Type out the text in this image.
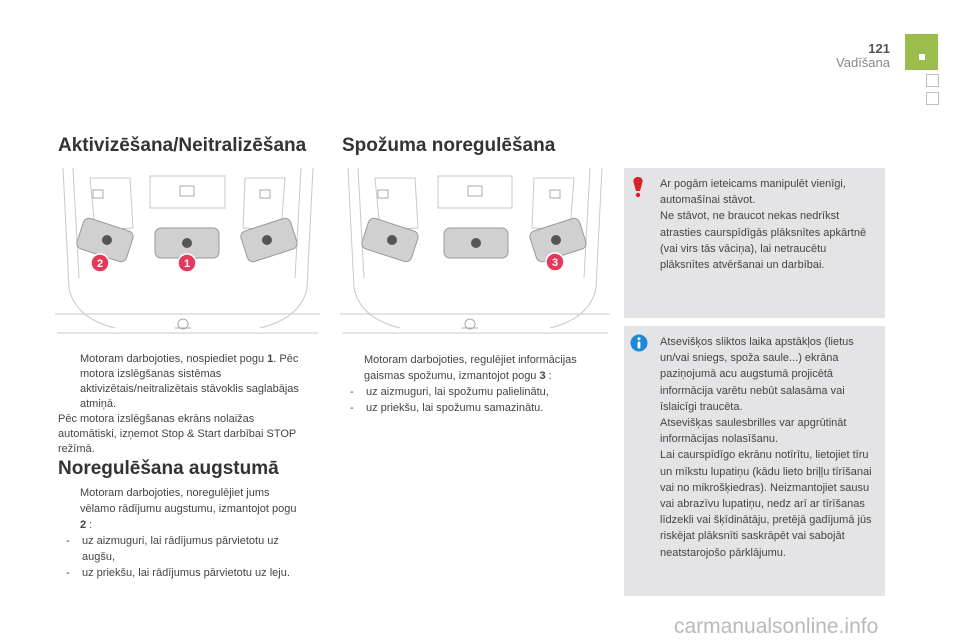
121
Vadīšana
Aktivizēšana/Neitralizēšana Spožuma noregulēšana
2	1	3
Motoram darbojoties, nospiediet pogu 1. Pēc motora izslēgšanas sistēmas aktivizētais/neitralizētais stāvoklis saglabājas atmiņā.
Pēc motora izslēgšanas ekrāns nolaižas automātiski, izņemot Stop & Start darbībai STOP režīmā.
Noregulēšana augstumā
Motoram darbojoties, noregulējiet jums vēlamo rādījumu augstumu, izmantojot pogu 2 :
- uz aizmuguri, lai rādījumus pārvietotu uz augšu,
- uz priekšu, lai rādījumus pārvietotu uz leju.
Motoram darbojoties, regulējiet informācijas gaismas spožumu, izmantojot pogu 3 :
- uz aizmuguri, lai spožumu palielinātu,
- uz priekšu, lai spožumu samazinātu.
Ar pogām ieteicams manipulēt vienīgi, automašīnai stāvot.
Ne stāvot, ne braucot nekas nedrīkst atrasties caurspīdīgās plāksnītes apkārtnē (vai virs tās vāciņa), lai netraucētu plāksnītes atvēršanai un darbībai.
Atsevišķos sliktos laika apstākļos (lietus un/vai sniegs, spoža saule...) ekrāna paziņojumā acu augstumā projicētā informācija varētu nebūt salasāma vai īslaicīgi traucēta.
Atsevišķas saulesbrilles var apgrūtināt informācijas nolasīšanu.
Lai caurspīdīgo ekrānu notīrītu, lietojiet tīru un mīkstu lupatiņu (kādu lieto briļļu tīrīšanai vai no mikrošķiedras). Neizmantojiet sausu vai abrazīvu lupatiņu, nedz arī ar tīrīšanas līdzekli vai šķīdinātāju, pretējā gadījumā jūs riskējat plāksnīti saskrāpēt vai sabojāt neatstarojošo pārklājumu.
carmanualsonline.info
